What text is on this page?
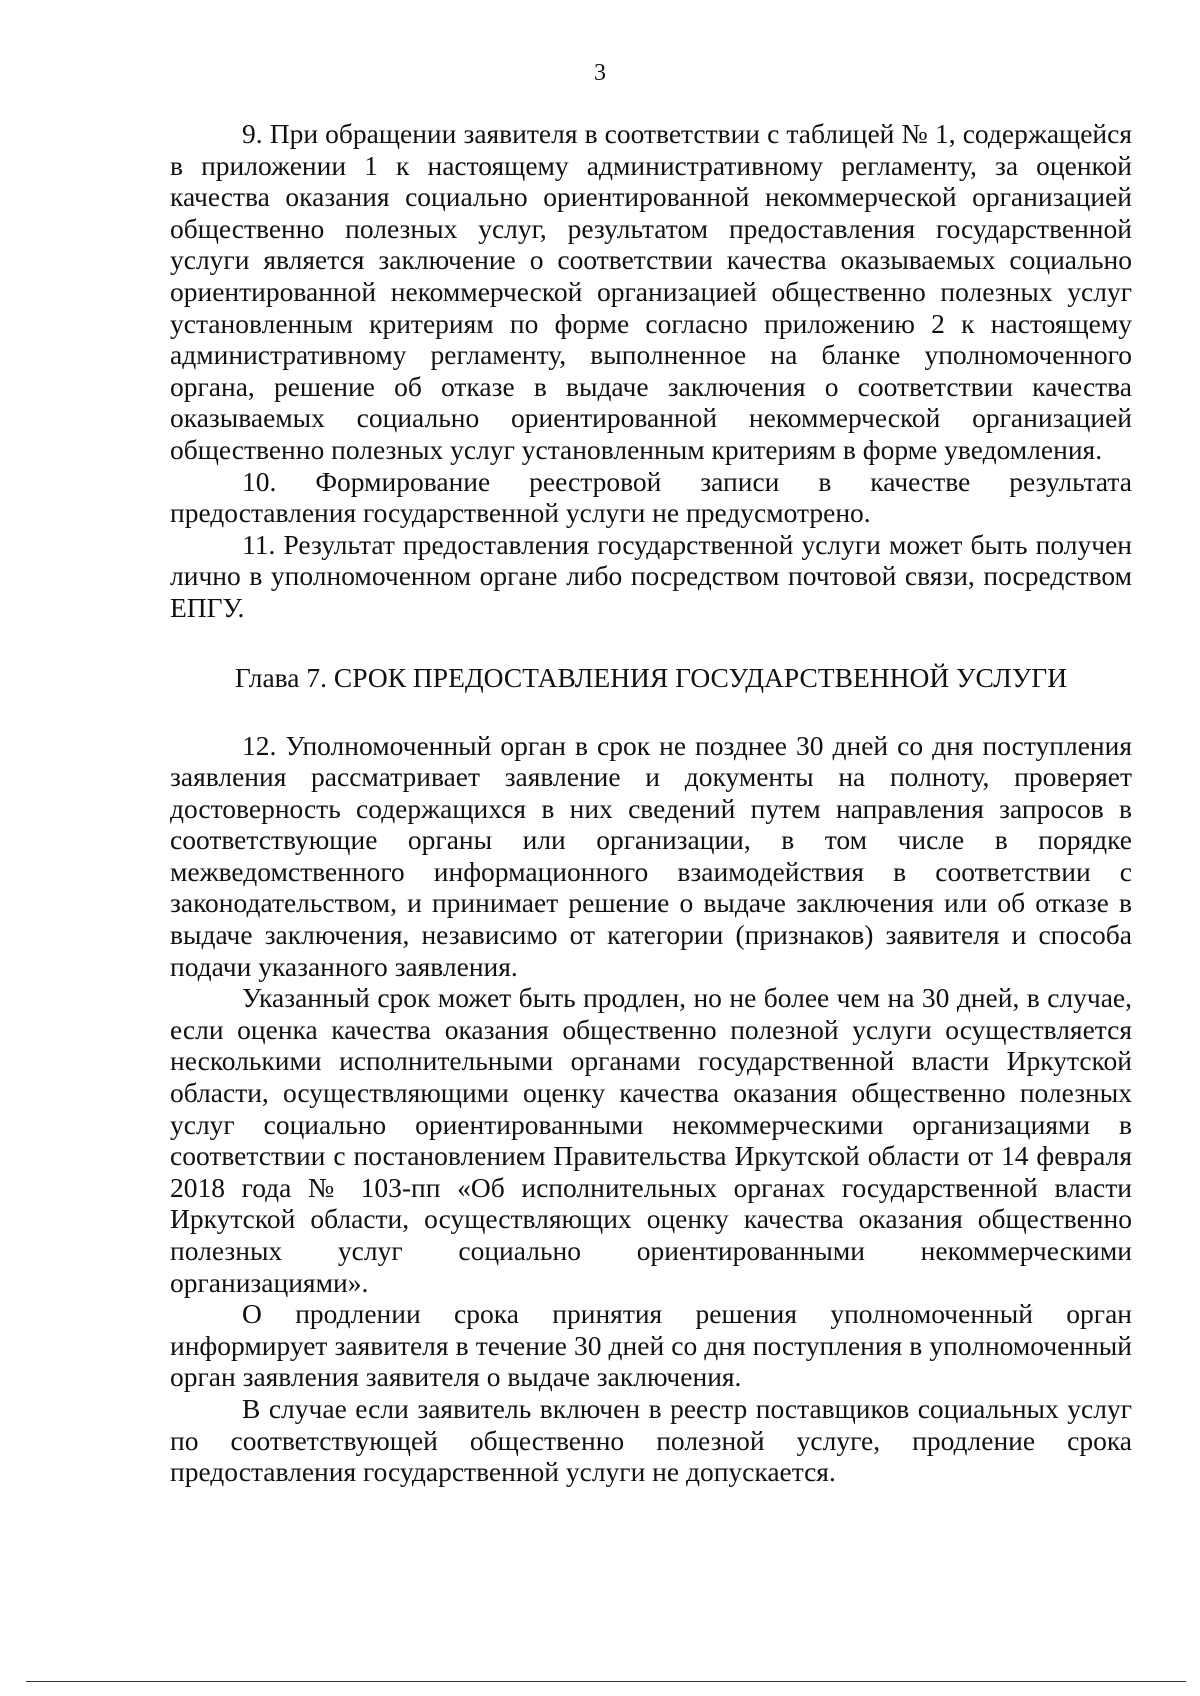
3

9. При обращении заявителя в соответствии с таблицей № 1, содержащейся в приложении 1 к настоящему административному регламенту, за оценкой качества оказания социально ориентированной некоммерческой организацией общественно полезных услуг, результатом предоставления государственной услуги является заключение о соответствии качества оказываемых социально ориентированной некоммерческой организацией общественно полезных услуг установленным критериям по форме согласно приложению 2 к настоящему административному регламенту, выполненное на бланке уполномоченного органа, решение об отказе в выдаче заключения о соответствии качества оказываемых социально ориентированной некоммерческой организацией общественно полезных услуг установленным критериям в форме уведомления.

10. Формирование реестровой записи в качестве результата предоставления государственной услуги не предусмотрено.

11. Результат предоставления государственной услуги может быть получен лично в уполномоченном органе либо посредством почтовой связи, посредством ЕПГУ.

Глава 7. СРОК ПРЕДОСТАВЛЕНИЯ ГОСУДАРСТВЕННОЙ УСЛУГИ

12. Уполномоченный орган в срок не позднее 30 дней со дня поступления заявления рассматривает заявление и документы на полноту, проверяет достоверность содержащихся в них сведений путем направления запросов в соответствующие органы или организации, в том числе в порядке межведомственного информационного взаимодействия в соответствии с законодательством, и принимает решение о выдаче заключения или об отказе в выдаче заключения, независимо от категории (признаков) заявителя и способа подачи указанного заявления.

Указанный срок может быть продлен, но не более чем на 30 дней, в случае, если оценка качества оказания общественно полезной услуги осуществляется несколькими исполнительными органами государственной власти Иркутской области, осуществляющими оценку качества оказания общественно полезных услуг социально ориентированными некоммерческими организациями в соответствии с постановлением Правительства Иркутской области от 14 февраля 2018 года № 103-пп «Об исполнительных органах государственной власти Иркутской области, осуществляющих оценку качества оказания общественно полезных услуг социально ориентированными некоммерческими организациями».

О продлении срока принятия решения уполномоченный орган информирует заявителя в течение 30 дней со дня поступления в уполномоченный орган заявления заявителя о выдаче заключения.

В случае если заявитель включен в реестр поставщиков социальных услуг по соответствующей общественно полезной услуге, продление срока предоставления государственной услуги не допускается.
